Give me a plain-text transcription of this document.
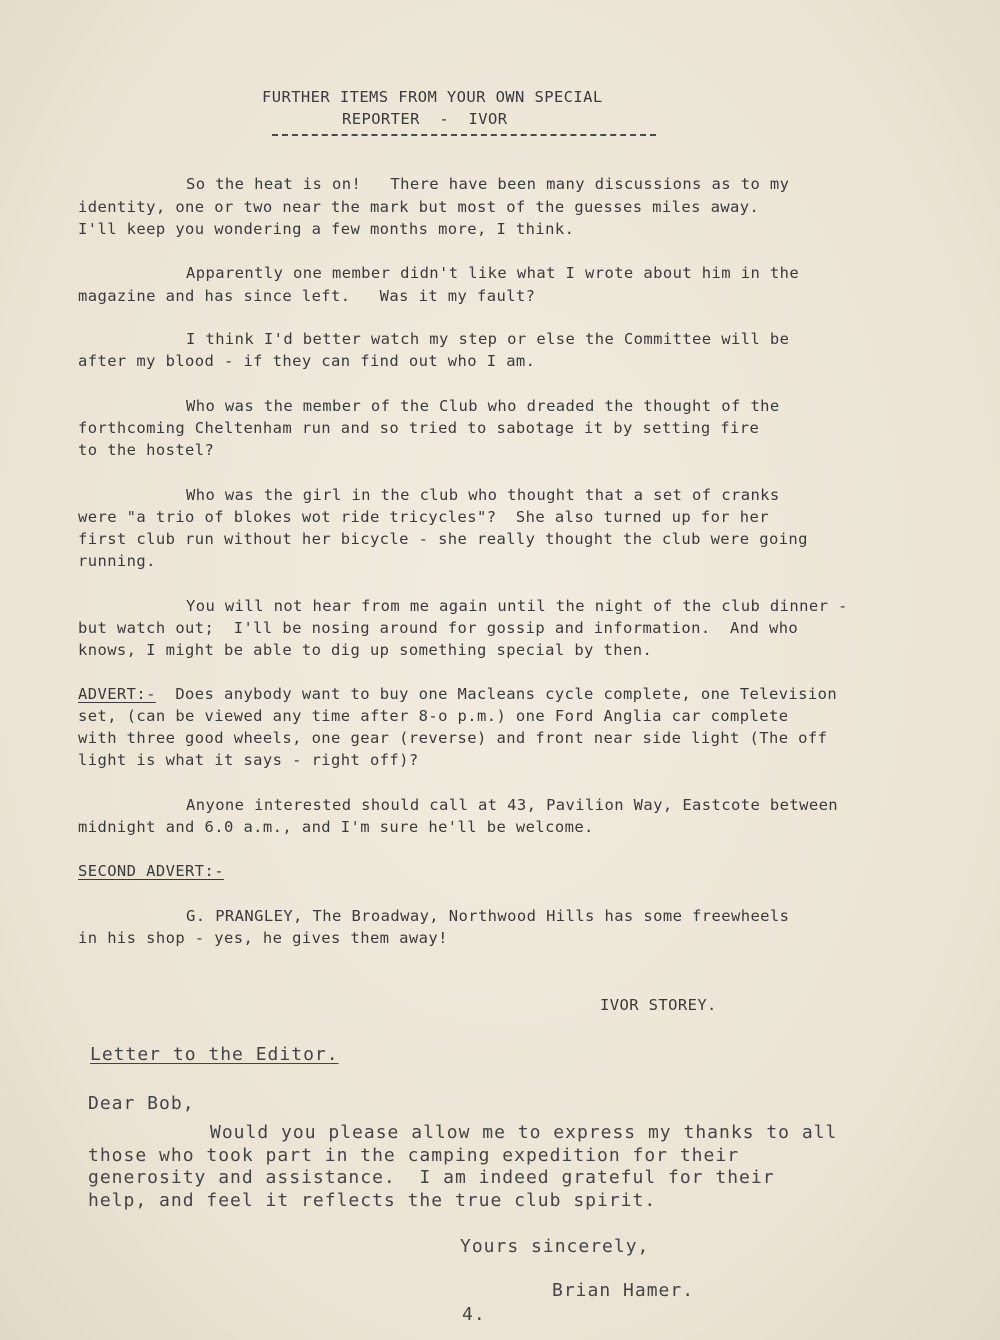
FURTHER ITEMS FROM YOUR OWN SPECIAL
REPORTER  -  IVOR
So the heat is on!   There have been many discussions as to my
identity, one or two near the mark but most of the guesses miles away.
I'll keep you wondering a few months more, I think.
Apparently one member didn't like what I wrote about him in the
magazine and has since left.   Was it my fault?
I think I'd better watch my step or else the Committee will be
after my blood - if they can find out who I am.
Who was the member of the Club who dreaded the thought of the
forthcoming Cheltenham run and so tried to sabotage it by setting fire
to the hostel?
Who was the girl in the club who thought that a set of cranks
were "a trio of blokes wot ride tricycles"?  She also turned up for her
first club run without her bicycle - she really thought the club were going
running.
You will not hear from me again until the night of the club dinner -
but watch out;  I'll be nosing around for gossip and information.  And who
knows, I might be able to dig up something special by then.
ADVERT:-  Does anybody want to buy one Macleans cycle complete, one Television
set, (can be viewed any time after 8-o p.m.) one Ford Anglia car complete
with three good wheels, one gear (reverse) and front near side light (The off
light is what it says - right off)?
Anyone interested should call at 43, Pavilion Way, Eastcote between
midnight and 6.0 a.m., and I'm sure he'll be welcome.
SECOND ADVERT:-
G. PRANGLEY, The Broadway, Northwood Hills has some freewheels
in his shop - yes, he gives them away!
IVOR STOREY.
Letter to the Editor.
Dear Bob,
Would you please allow me to express my thanks to all
those who took part in the camping expedition for their
generosity and assistance.  I am indeed grateful for their
help, and feel it reflects the true club spirit.
Yours sincerely,
Brian Hamer.
4.
